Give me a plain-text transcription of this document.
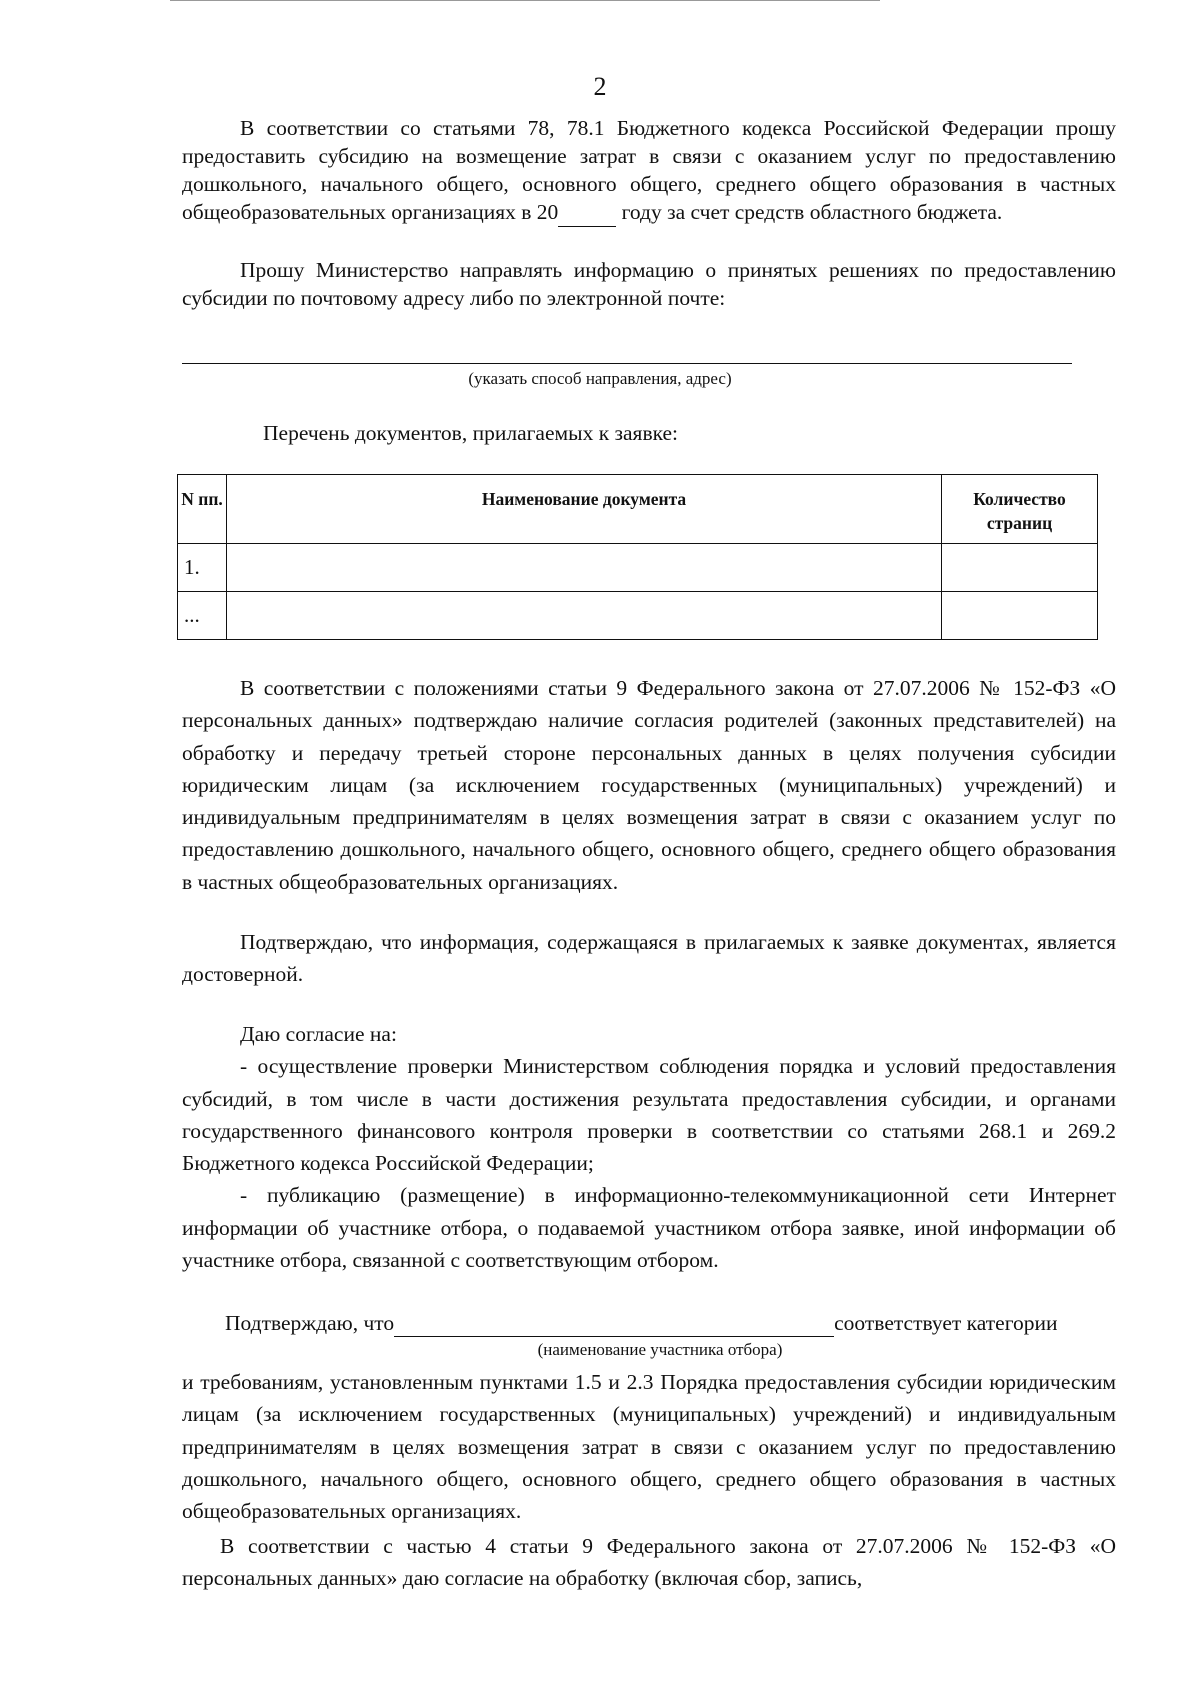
2

В соответствии со статьями 78, 78.1 Бюджетного кодекса Российской Федерации прошу предоставить субсидию на возмещение затрат в связи с оказанием услуг по предоставлению дошкольного, начального общего, основного общего, среднего общего образования в частных общеобразовательных организациях в 20	году за счет средств областного бюджета.

Прошу Министерство направлять информацию о принятых решениях по предоставлению субсидии по почтовому адресу либо по электронной почте:

(указать способ направления, адрес)

Перечень документов, прилагаемых к заявке:

N пп.	Наименование документа	Количество страниц
1.		
...		

В соответствии с положениями статьи 9 Федерального закона от 27.07.2006 № 152-ФЗ «О персональных данных» подтверждаю наличие согласия родителей (законных представителей) на обработку и передачу третьей стороне персональных данных в целях получения субсидии юридическим лицам (за исключением государственных (муниципальных) учреждений) и индивидуальным предпринимателям в целях возмещения затрат в связи с оказанием услуг по предоставлению дошкольного, начального общего, основного общего, среднего общего образования в частных общеобразовательных организациях.

Подтверждаю, что информация, содержащаяся в прилагаемых к заявке документах, является достоверной.

Даю согласие на:

- осуществление проверки Министерством соблюдения порядка и условий предоставления субсидий, в том числе в части достижения результата предоставления субсидии, и органами государственного финансового контроля проверки в соответствии со статьями 268.1 и 269.2 Бюджетного кодекса Российской Федерации;

- публикацию (размещение) в информационно-телекоммуникационной сети Интернет информации об участнике отбора, о подаваемой участником отбора заявке, иной информации об участнике отбора, связанной с соответствующим отбором.

Подтверждаю, что	соответствует категории
(наименование участника отбора)

и требованиям, установленным пунктами 1.5 и 2.3 Порядка предоставления субсидии юридическим лицам (за исключением государственных (муниципальных) учреждений) и индивидуальным предпринимателям в целях возмещения затрат в связи с оказанием услуг по предоставлению дошкольного, начального общего, основного общего, среднего общего образования в частных общеобразовательных организациях.

В соответствии с частью 4 статьи 9 Федерального закона от 27.07.2006 № 152-ФЗ «О персональных данных» даю согласие на обработку (включая сбор, запись,
